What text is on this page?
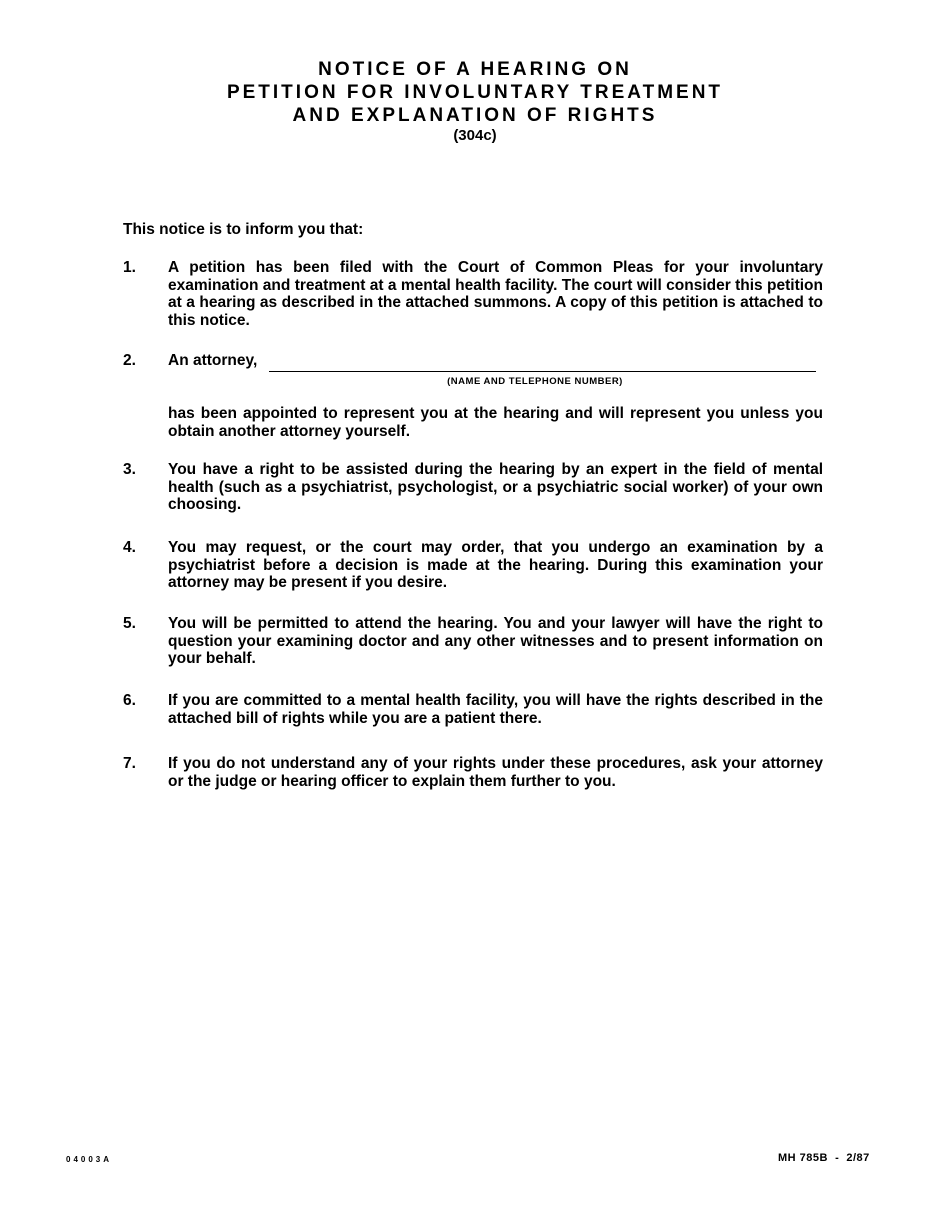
NOTICE OF A HEARING ON
PETITION FOR INVOLUNTARY TREATMENT
AND EXPLANATION OF RIGHTS
(304c)
This notice is to inform you that:
1. A petition has been filed with the Court of Common Pleas for your involuntary examination and treatment at a mental health facility. The court will consider this petition at a hearing as described in the attached summons. A copy of this petition is attached to this notice.
2. An attorney,
(NAME AND TELEPHONE NUMBER)
has been appointed to represent you at the hearing and will represent you unless you obtain another attorney yourself.
3. You have a right to be assisted during the hearing by an expert in the field of mental health (such as a psychiatrist, psychologist, or a psychiatric social worker) of your own choosing.
4. You may request, or the court may order, that you undergo an examination by a psychiatrist before a decision is made at the hearing. During this examination your attorney may be present if you desire.
5. You will be permitted to attend the hearing. You and your lawyer will have the right to question your examining doctor and any other witnesses and to present information on your behalf.
6. If you are committed to a mental health facility, you will have the rights described in the attached bill of rights while you are a patient there.
7. If you do not understand any of your rights under these procedures, ask your attorney or the judge or hearing officer to explain them further to you.
04003A	MH 785B  -  2/87
